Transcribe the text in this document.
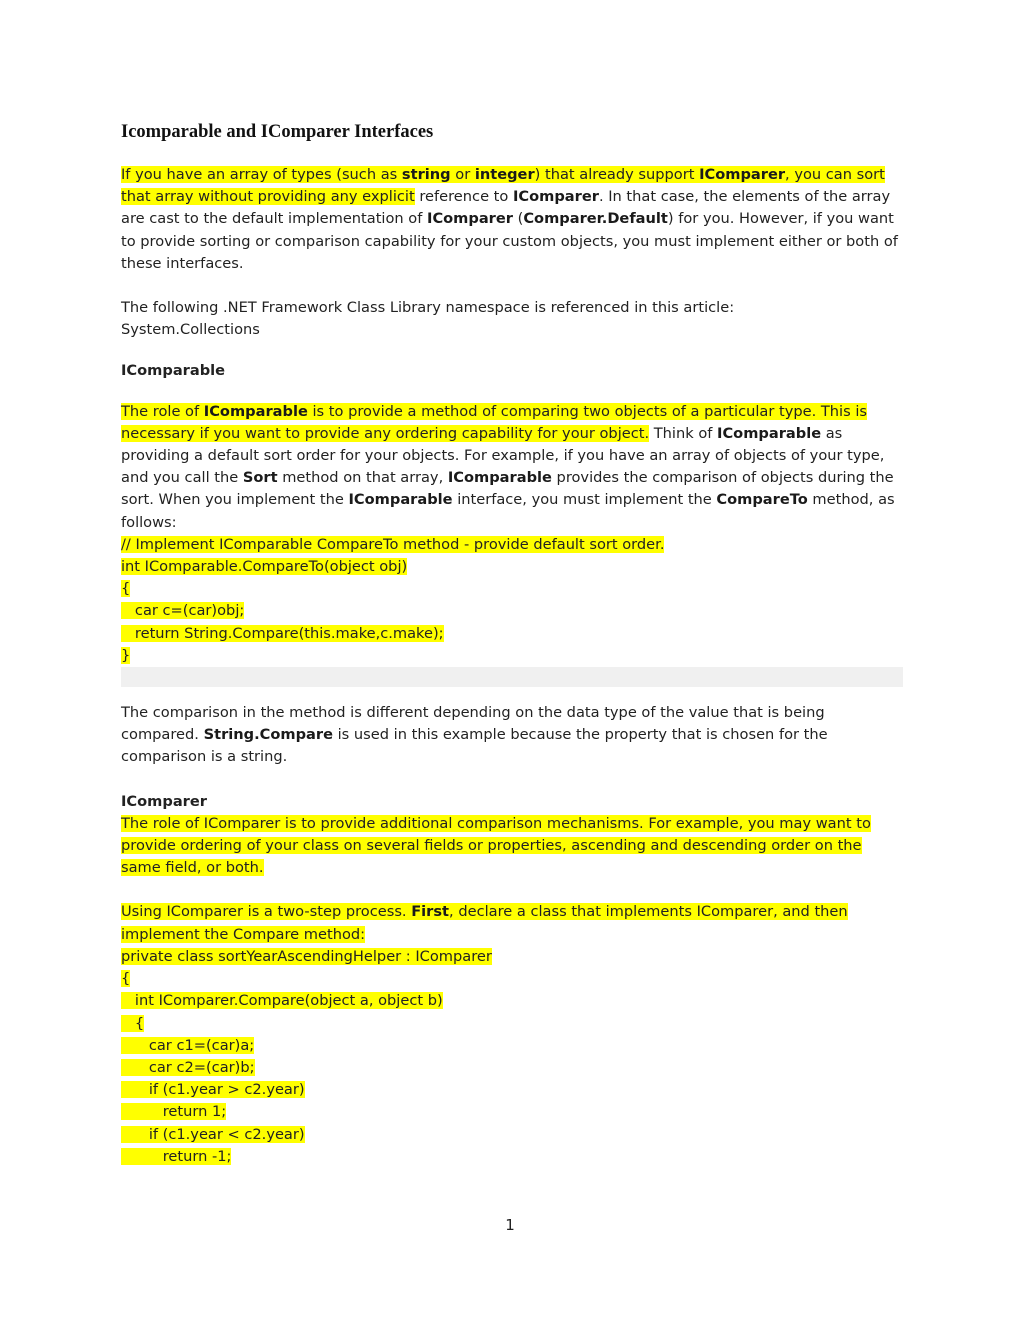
Icomparable and IComparer Interfaces

If you have an array of types (such as string or integer) that already support IComparer, you can sort that array without providing any explicit reference to IComparer. In that case, the elements of the array are cast to the default implementation of IComparer (Comparer.Default) for you. However, if you want to provide sorting or comparison capability for your custom objects, you must implement either or both of these interfaces.

The following .NET Framework Class Library namespace is referenced in this article:
System.Collections

IComparable

The role of IComparable is to provide a method of comparing two objects of a particular type. This is necessary if you want to provide any ordering capability for your object. Think of IComparable as providing a default sort order for your objects. For example, if you have an array of objects of your type, and you call the Sort method on that array, IComparable provides the comparison of objects during the sort. When you implement the IComparable interface, you must implement the CompareTo method, as follows:

// Implement IComparable CompareTo method - provide default sort order.
int IComparable.CompareTo(object obj)
{
car c=(car)obj;
return String.Compare(this.make,c.make);
}

The comparison in the method is different depending on the data type of the value that is being compared. String.Compare is used in this example because the property that is chosen for the comparison is a string.

IComparer

The role of IComparer is to provide additional comparison mechanisms. For example, you may want to provide ordering of your class on several fields or properties, ascending and descending order on the same field, or both.

Using IComparer is a two-step process. First, declare a class that implements IComparer, and then implement the Compare method:

private class sortYearAscendingHelper : IComparer
{
int IComparer.Compare(object a, object b)
{
car c1=(car)a;
car c2=(car)b;
if (c1.year > c2.year)
return 1;
if (c1.year < c2.year)
return -1;
1
